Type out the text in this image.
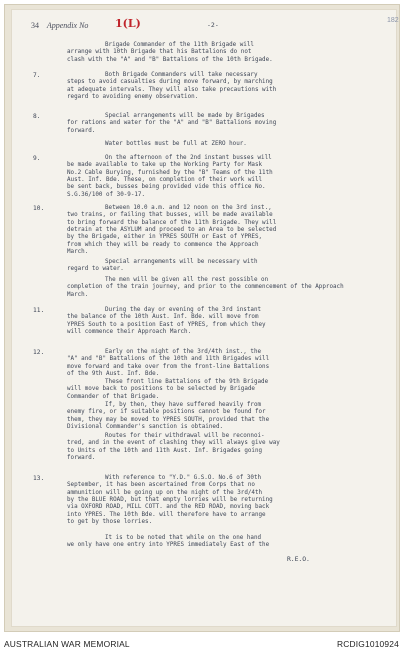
34 Appendix No 1(L)	-2-
182
Brigade Commander of the 11th Brigade will
arrange with 10th Brigade that his Battalions do not
clash with the "A" and "B" Battalions of the 10th Brigade.
7.	Both Brigade Commanders will take necessary
steps to avoid casualties during move forward, by marching
at adequate intervals. They will also take precautions with
regard to avoiding enemy observation.
8.	Special arrangements will be made by Brigades
for rations and water for the "A" and "B" Battalions moving
forward.
Water bottles must be full at ZERO hour.
9.	On the afternoon of the 2nd instant busses will
be made available to take up the Working Party for Mask
No.2 Cable Burying, furnished by the "B" Teams of the 11th
Aust. Inf. Bde. These, on completion of their work will
be sent back, busses being provided vide this office No.
S.G.36/100 of 30-9-17.
10.	Between 10.0 a.m. and 12 noon on the 3rd inst.,
two trains, or failing that busses, will be made available
to bring forward the balance of the 11th Brigade. They will
detrain at the ASYLUM and proceed to an Area to be selected
by the Brigade, either in YPRES SOUTH or East of YPRES,
from which they will be ready to commence the Approach
March.
Special arrangements will be necessary with
regard to water.
The men will be given all the rest possible on
completion of the train journey, and prior to the commencement of the Approach March.
11.	During the day or evening of the 3rd instant
the balance of the 10th Aust. Inf. Bde. will move from
YPRES South to a position East of YPRES, from which they
will commence their Approach March.
12.	Early on the night of the 3rd/4th inst., the
"A" and "B" Battalions of the 10th and 11th Brigades will
move forward and take over from the front-line Battalions
of the 9th Aust. Inf. Bde.
These front line Battalions of the 9th Brigade
will move back to positions to be selected by Brigade
Commander of that Brigade.
If, by then, they have suffered heavily from
enemy fire, or if suitable positions cannot be found for
them, they may be moved to YPRES SOUTH, provided that the
Divisional Commander's sanction is obtained.
Routes for their withdrawal will be reconnoi-
tred, and in the event of clashing they will always give way
to Units of the 10th and 11th Aust. Inf. Brigades going
forward.
13.	With reference to "Y.D." G.S.O. No.6 of 30th
September, it has been ascertained from Corps that no
ammunition will be going up on the night of the 3rd/4th
by the BLUE ROAD, but that empty lorries will be returning
via OXFORD ROAD, MILL COTT. and the RED ROAD, moving back
into YPRES. The 10th Bde. will therefore have to arrange
to get by those lorries.
It is to be noted that while on the one hand
we only have one entry into YPRES immediately East of the
R.E.O.
AUSTRALIAN WAR MEMORIAL	RCDIG1010924
